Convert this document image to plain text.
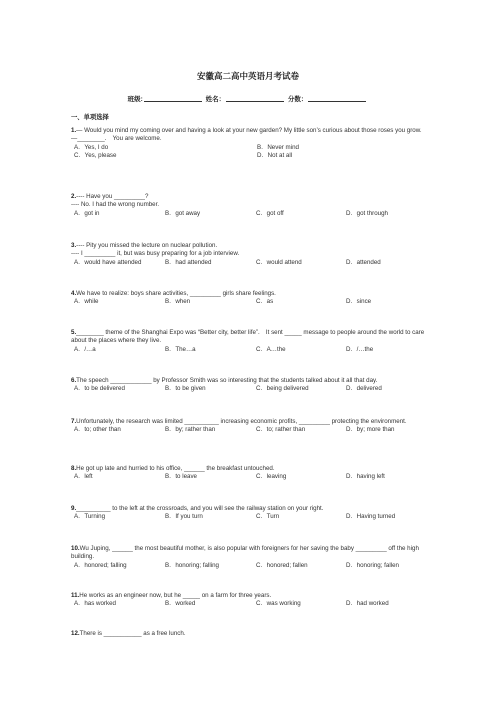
安徽高二高中英语月考试卷
班级:	姓名：	分数：
一、单项选择
1.— Would you mind my coming over and having a look at your new garden? My little son’s curious about those roses you grow.
—________.　You are welcome.
A．Yes, I do	B．Never mind
C．Yes, please	D．Not at all
2.---- Have you _________?
---- No. I had the wrong number.
A．got in	B．got away	C．got off	D．got through
3.---- Pity you missed the lecture on nuclear pollution.
---- I _________ it, but was busy preparing for a job interview.
A．would have attended	B．had attended	C．would attend	D．attended
4.We have to realize: boys share activities, _________ girls share feelings.
A．while	B．when	C．as	D．since
5.________ theme of the Shanghai Expo was “Better city, better life”.　It sent _____ message to people around the world to care about the places where they live.
A．/…a	B．The…a	C．A…the	D．/…the
6.The speech ____________ by Professor Smith was so interesting that the students talked about it all that day.
A．to be delivered	B．to be given	C．being delivered	D．delivered
7.Unfortunately, the research was limited __________ increasing economic profits, _________ protecting the environment.
A．to; other than	B．by; rather than	C．to; rather than	D．by; more than
8.He got up late and hurried to his office, ______ the breakfast untouched.
A．left	B．to leave	C．leaving	D．having left
9.__________ to the left at the crossroads, and you will see the railway station on your right.
A．Turning	B．If you turn	C．Turn	D．Having turned
10.Wu Juping, ______ the most beautiful mother, is also popular with foreigners for her saving the baby _________ off the high building.
A．honored; falling	B．honoring; falling	C．honored; fallen	D．honoring; fallen
11.He works as an engineer now, but he _____ on a farm for three years.
A．has worked	B．worked	C．was working	D．had worked
12.There is ___________ as a free lunch.
